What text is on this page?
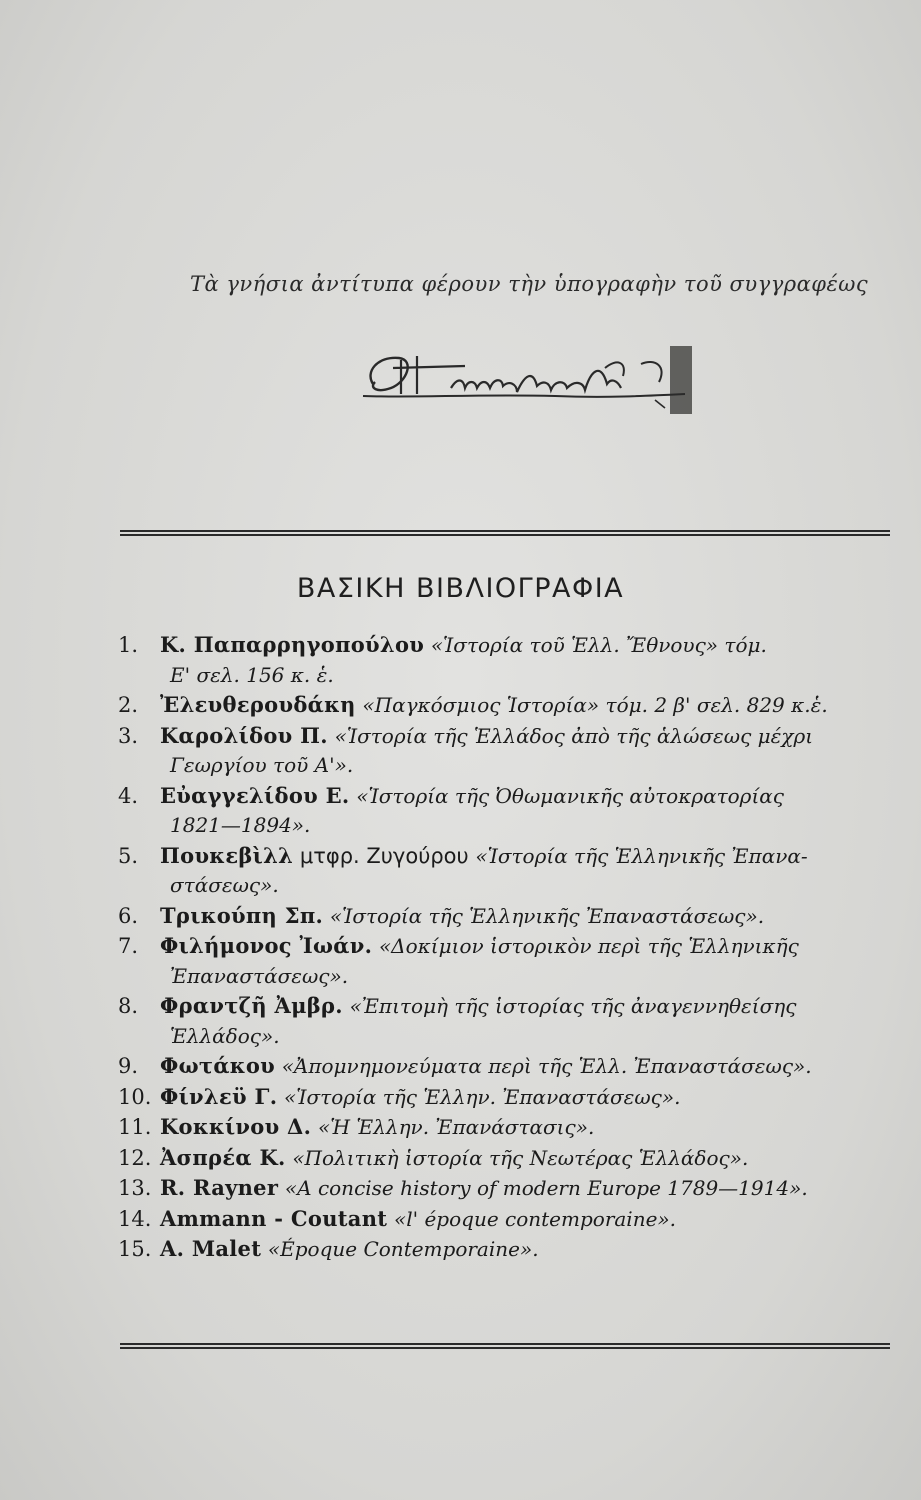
Τὰ γνήσια ἀντίτυπα φέρουν τὴν ὑπογραφὴν τοῦ συγγραφέως
ΒΑΣΙΚΗ ΒΙΒΛΙΟΓΡΑΦΙΑ
1. Κ. Παπαρρηγοπούλου «Ἱστορία τοῦ Ἑλλ. Ἔθνους» τόμ.
Ε' σελ. 156 κ. ἑ.
2. Ἐλευθερουδάκη «Παγκόσμιος Ἱστορία» τόμ. 2 β' σελ. 829 κ.ἑ.
3. Καρολίδου Π. «Ἱστορία τῆς Ἑλλάδος ἀπὸ τῆς ἁλώσεως μέχρι
Γεωργίου τοῦ Α'».
4. Εὐαγγελίδου Ε. «Ἱστορία τῆς Ὀθωμανικῆς αὐτοκρατορίας
1821—1894».
5. Πουκεβὶλλ μτφρ. Ζυγούρου «Ἱστορία τῆς Ἑλληνικῆς Ἐπανα-
στάσεως».
6. Τρικούπη Σπ. «Ἱστορία τῆς Ἑλληνικῆς Ἐπαναστάσεως».
7. Φιλήμονος Ἰωάν. «Δοκίμιον ἱστορικὸν περὶ τῆς Ἑλληνικῆς
Ἐπαναστάσεως».
8. Φραντζῆ Ἀμβρ. «Ἐπιτομὴ τῆς ἱστορίας τῆς ἀναγεννηθείσης
Ἑλλάδος».
9. Φωτάκου «Ἀπομνημονεύματα περὶ τῆς Ἑλλ. Ἐπαναστάσεως».
10. Φίνλεϋ Γ. «Ἱστορία τῆς Ἑλλην. Ἐπαναστάσεως».
11. Κοκκίνου Δ. «Ἡ Ἑλλην. Ἐπανάστασις».
12. Ἀσπρέα Κ. «Πολιτικὴ ἱστορία τῆς Νεωτέρας Ἑλλάδος».
13. R. Rayner «A concise history of modern Europe 1789—1914».
14. Ammann - Coutant «l' époque contemporaine».
15. A. Malet «Époque Contemporaine».
